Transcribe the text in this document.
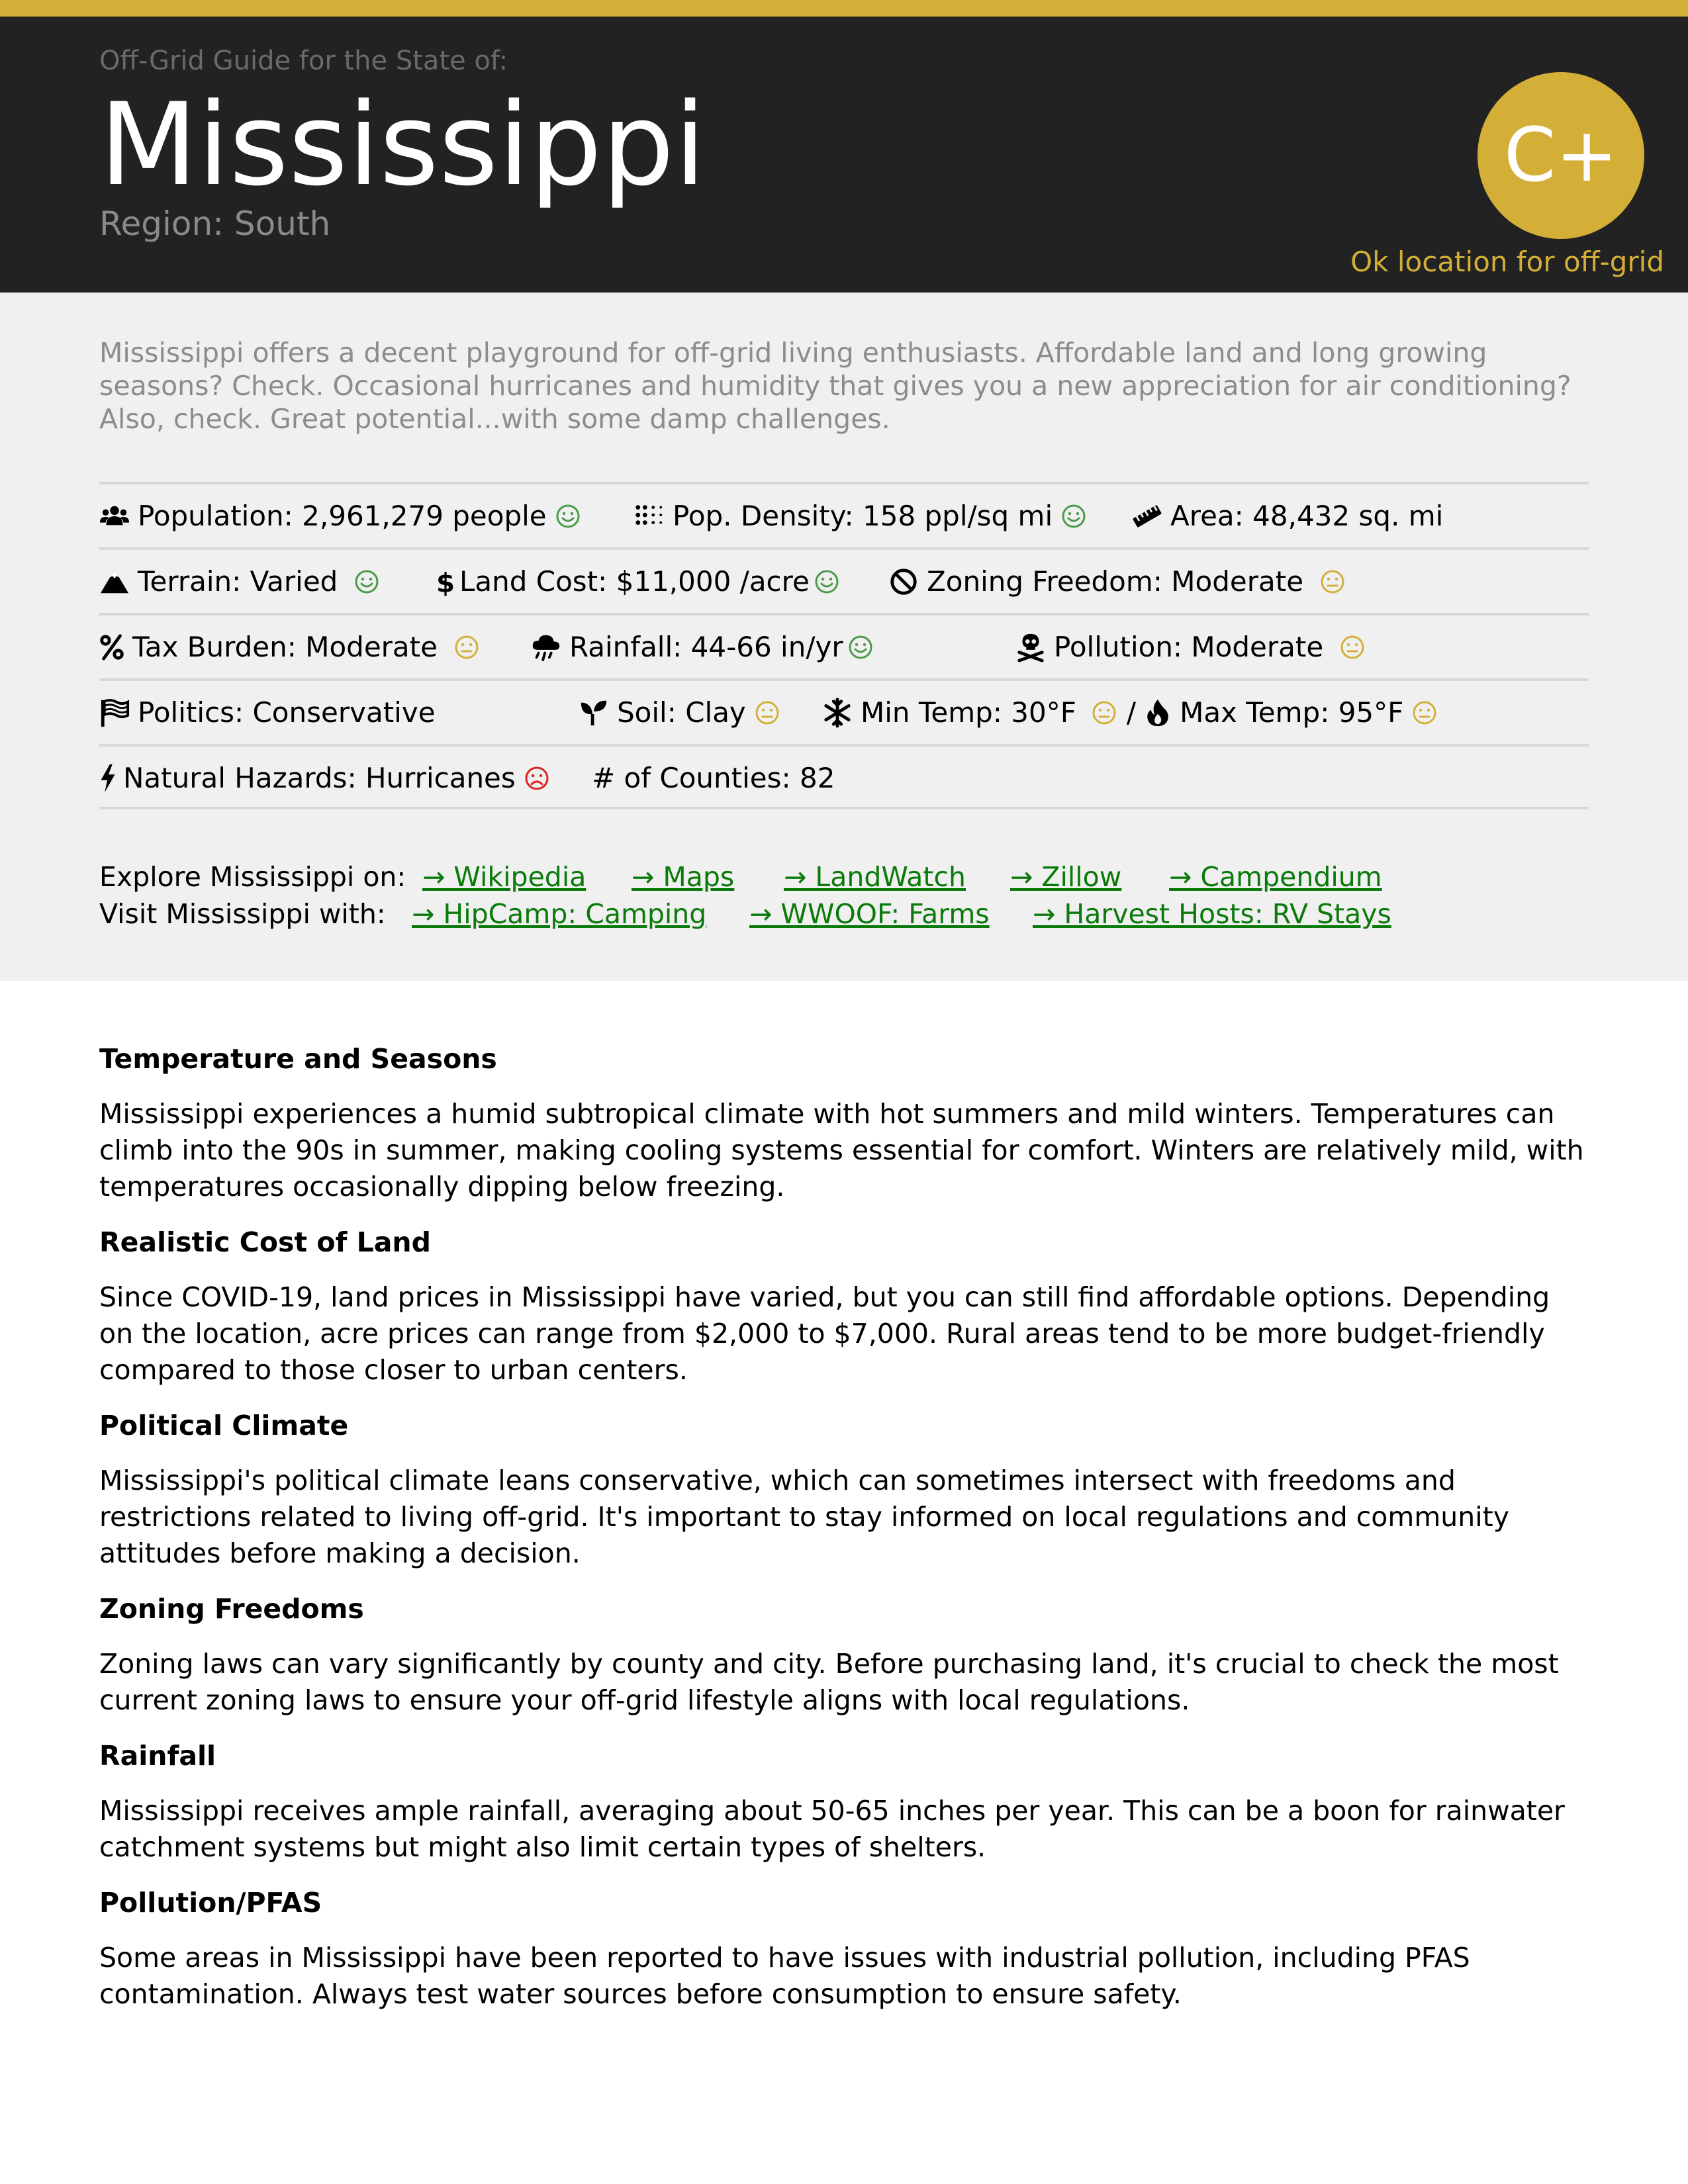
Off-Grid Guide for the State of:
Mississippi
Region: South
C+
Ok location for off-grid

Mississippi offers a decent playground for off-grid living enthusiasts. Affordable land and long growing seasons? Check. Occasional hurricanes and humidity that gives you a new appreciation for air conditioning? Also, check. Great potential...with some damp challenges.

Population: 2,961,279 people	Pop. Density: 158 ppl/sq mi	Area: 48,432 sq. mi
Terrain: Varied	$ Land Cost: $11,000 /acre	Zoning Freedom: Moderate
Tax Burden: Moderate	Rainfall: 44-66 in/yr	Pollution: Moderate
Politics: Conservative	Soil: Clay	Min Temp: 30°F / Max Temp: 95°F
Natural Hazards: Hurricanes	# of Counties: 82
Explore Mississippi on: → Wikipedia → Maps → LandWatch → Zillow → Campendium
Visit Mississippi with: → HipCamp: Camping → WWOOF: Farms → Harvest Hosts: RV Stays
Temperature and Seasons

Mississippi experiences a humid subtropical climate with hot summers and mild winters. Temperatures can climb into the 90s in summer, making cooling systems essential for comfort. Winters are relatively mild, with temperatures occasionally dipping below freezing.

Realistic Cost of Land

Since COVID-19, land prices in Mississippi have varied, but you can still find affordable options. Depending on the location, acre prices can range from $2,000 to $7,000. Rural areas tend to be more budget-friendly compared to those closer to urban centers.

Political Climate

Mississippi's political climate leans conservative, which can sometimes intersect with freedoms and restrictions related to living off-grid. It's important to stay informed on local regulations and community attitudes before making a decision.

Zoning Freedoms

Zoning laws can vary significantly by county and city. Before purchasing land, it's crucial to check the most current zoning laws to ensure your off-grid lifestyle aligns with local regulations.

Rainfall

Mississippi receives ample rainfall, averaging about 50-65 inches per year. This can be a boon for rainwater catchment systems but might also limit certain types of shelters.

Pollution/PFAS

Some areas in Mississippi have been reported to have issues with industrial pollution, including PFAS contamination. Always test water sources before consumption to ensure safety.
